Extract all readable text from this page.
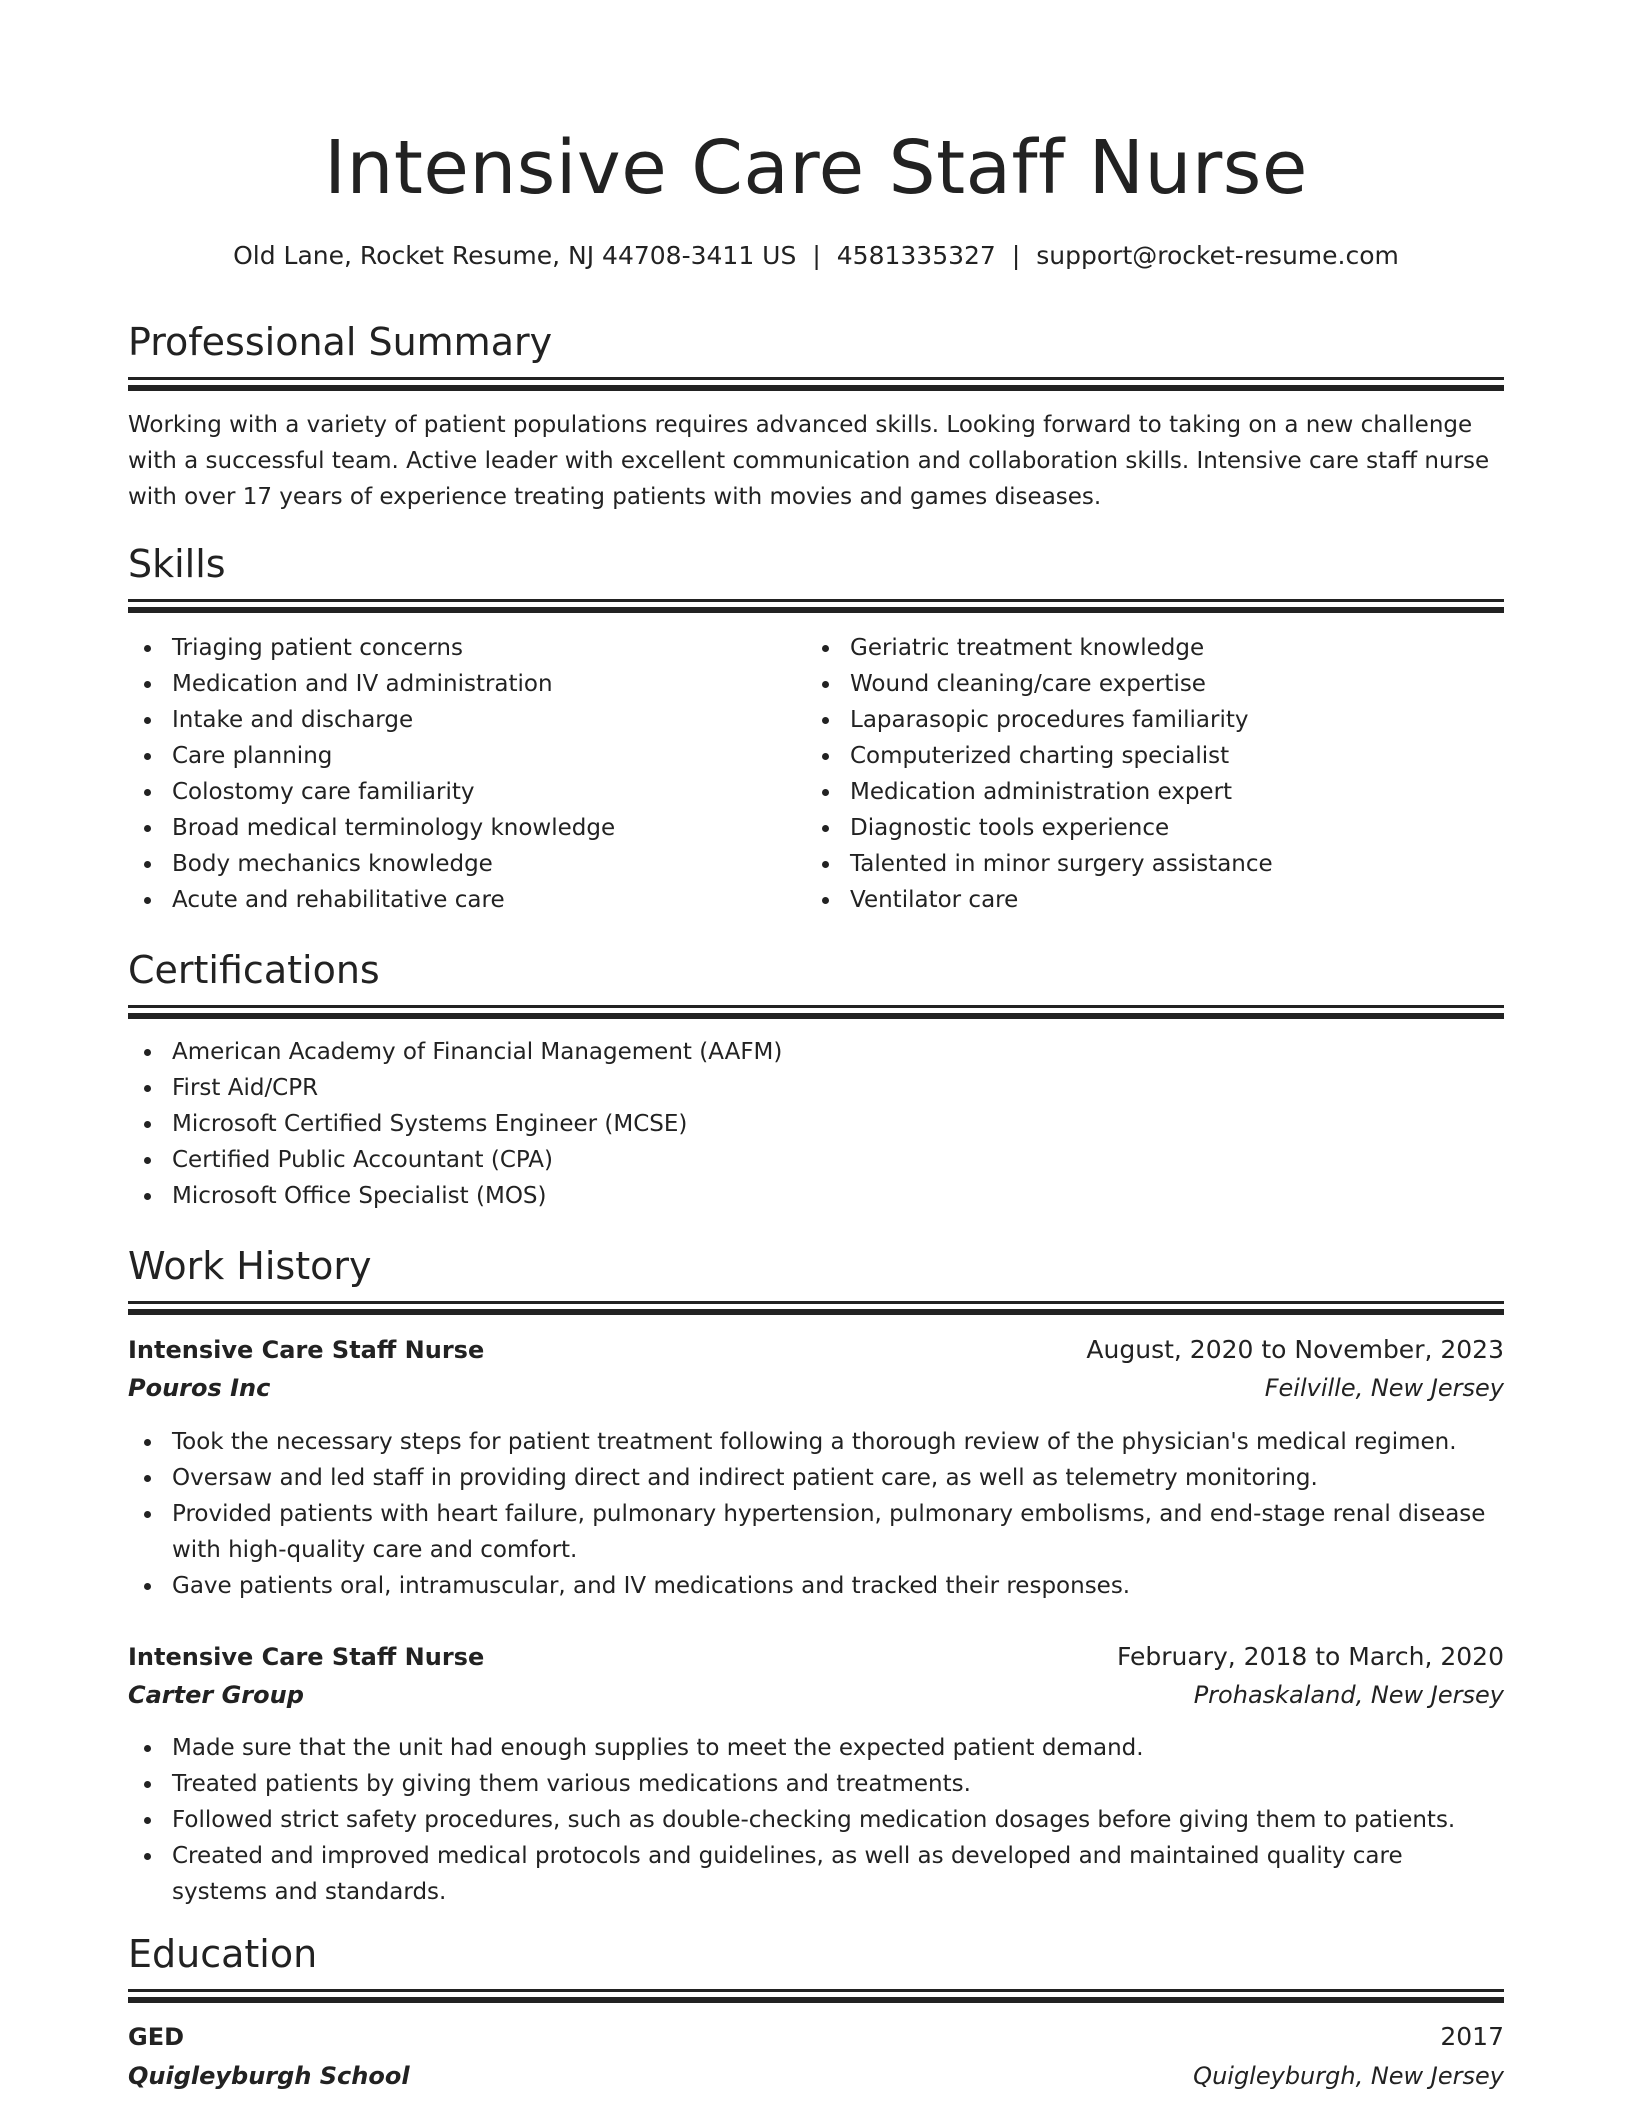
Intensive Care Staff Nurse
Old Lane, Rocket Resume, NJ 44708-3411 US | 4581335327 | support@rocket-resume.com
Professional Summary
Working with a variety of patient populations requires advanced skills. Looking forward to taking on a new challenge with a successful team. Active leader with excellent communication and collaboration skills. Intensive care staff nurse with over 17 years of experience treating patients with movies and games diseases.
Skills
Triaging patient concerns
Medication and IV administration
Intake and discharge
Care planning
Colostomy care familiarity
Broad medical terminology knowledge
Body mechanics knowledge
Acute and rehabilitative care
Geriatric treatment knowledge
Wound cleaning/care expertise
Laparasopic procedures familiarity
Computerized charting specialist
Medication administration expert
Diagnostic tools experience
Talented in minor surgery assistance
Ventilator care
Certifications
American Academy of Financial Management (AAFM)
First Aid/CPR
Microsoft Certified Systems Engineer (MCSE)
Certified Public Accountant (CPA)
Microsoft Office Specialist (MOS)
Work History
Intensive Care Staff Nurse	August, 2020 to November, 2023
Pouros Inc	Feilville, New Jersey
Took the necessary steps for patient treatment following a thorough review of the physician's medical regimen.
Oversaw and led staff in providing direct and indirect patient care, as well as telemetry monitoring.
Provided patients with heart failure, pulmonary hypertension, pulmonary embolisms, and end-stage renal disease with high-quality care and comfort.
Gave patients oral, intramuscular, and IV medications and tracked their responses.
Intensive Care Staff Nurse	February, 2018 to March, 2020
Carter Group	Prohaskaland, New Jersey
Made sure that the unit had enough supplies to meet the expected patient demand.
Treated patients by giving them various medications and treatments.
Followed strict safety procedures, such as double-checking medication dosages before giving them to patients.
Created and improved medical protocols and guidelines, as well as developed and maintained quality care systems and standards.
Education
GED	2017
Quigleyburgh School	Quigleyburgh, New Jersey
